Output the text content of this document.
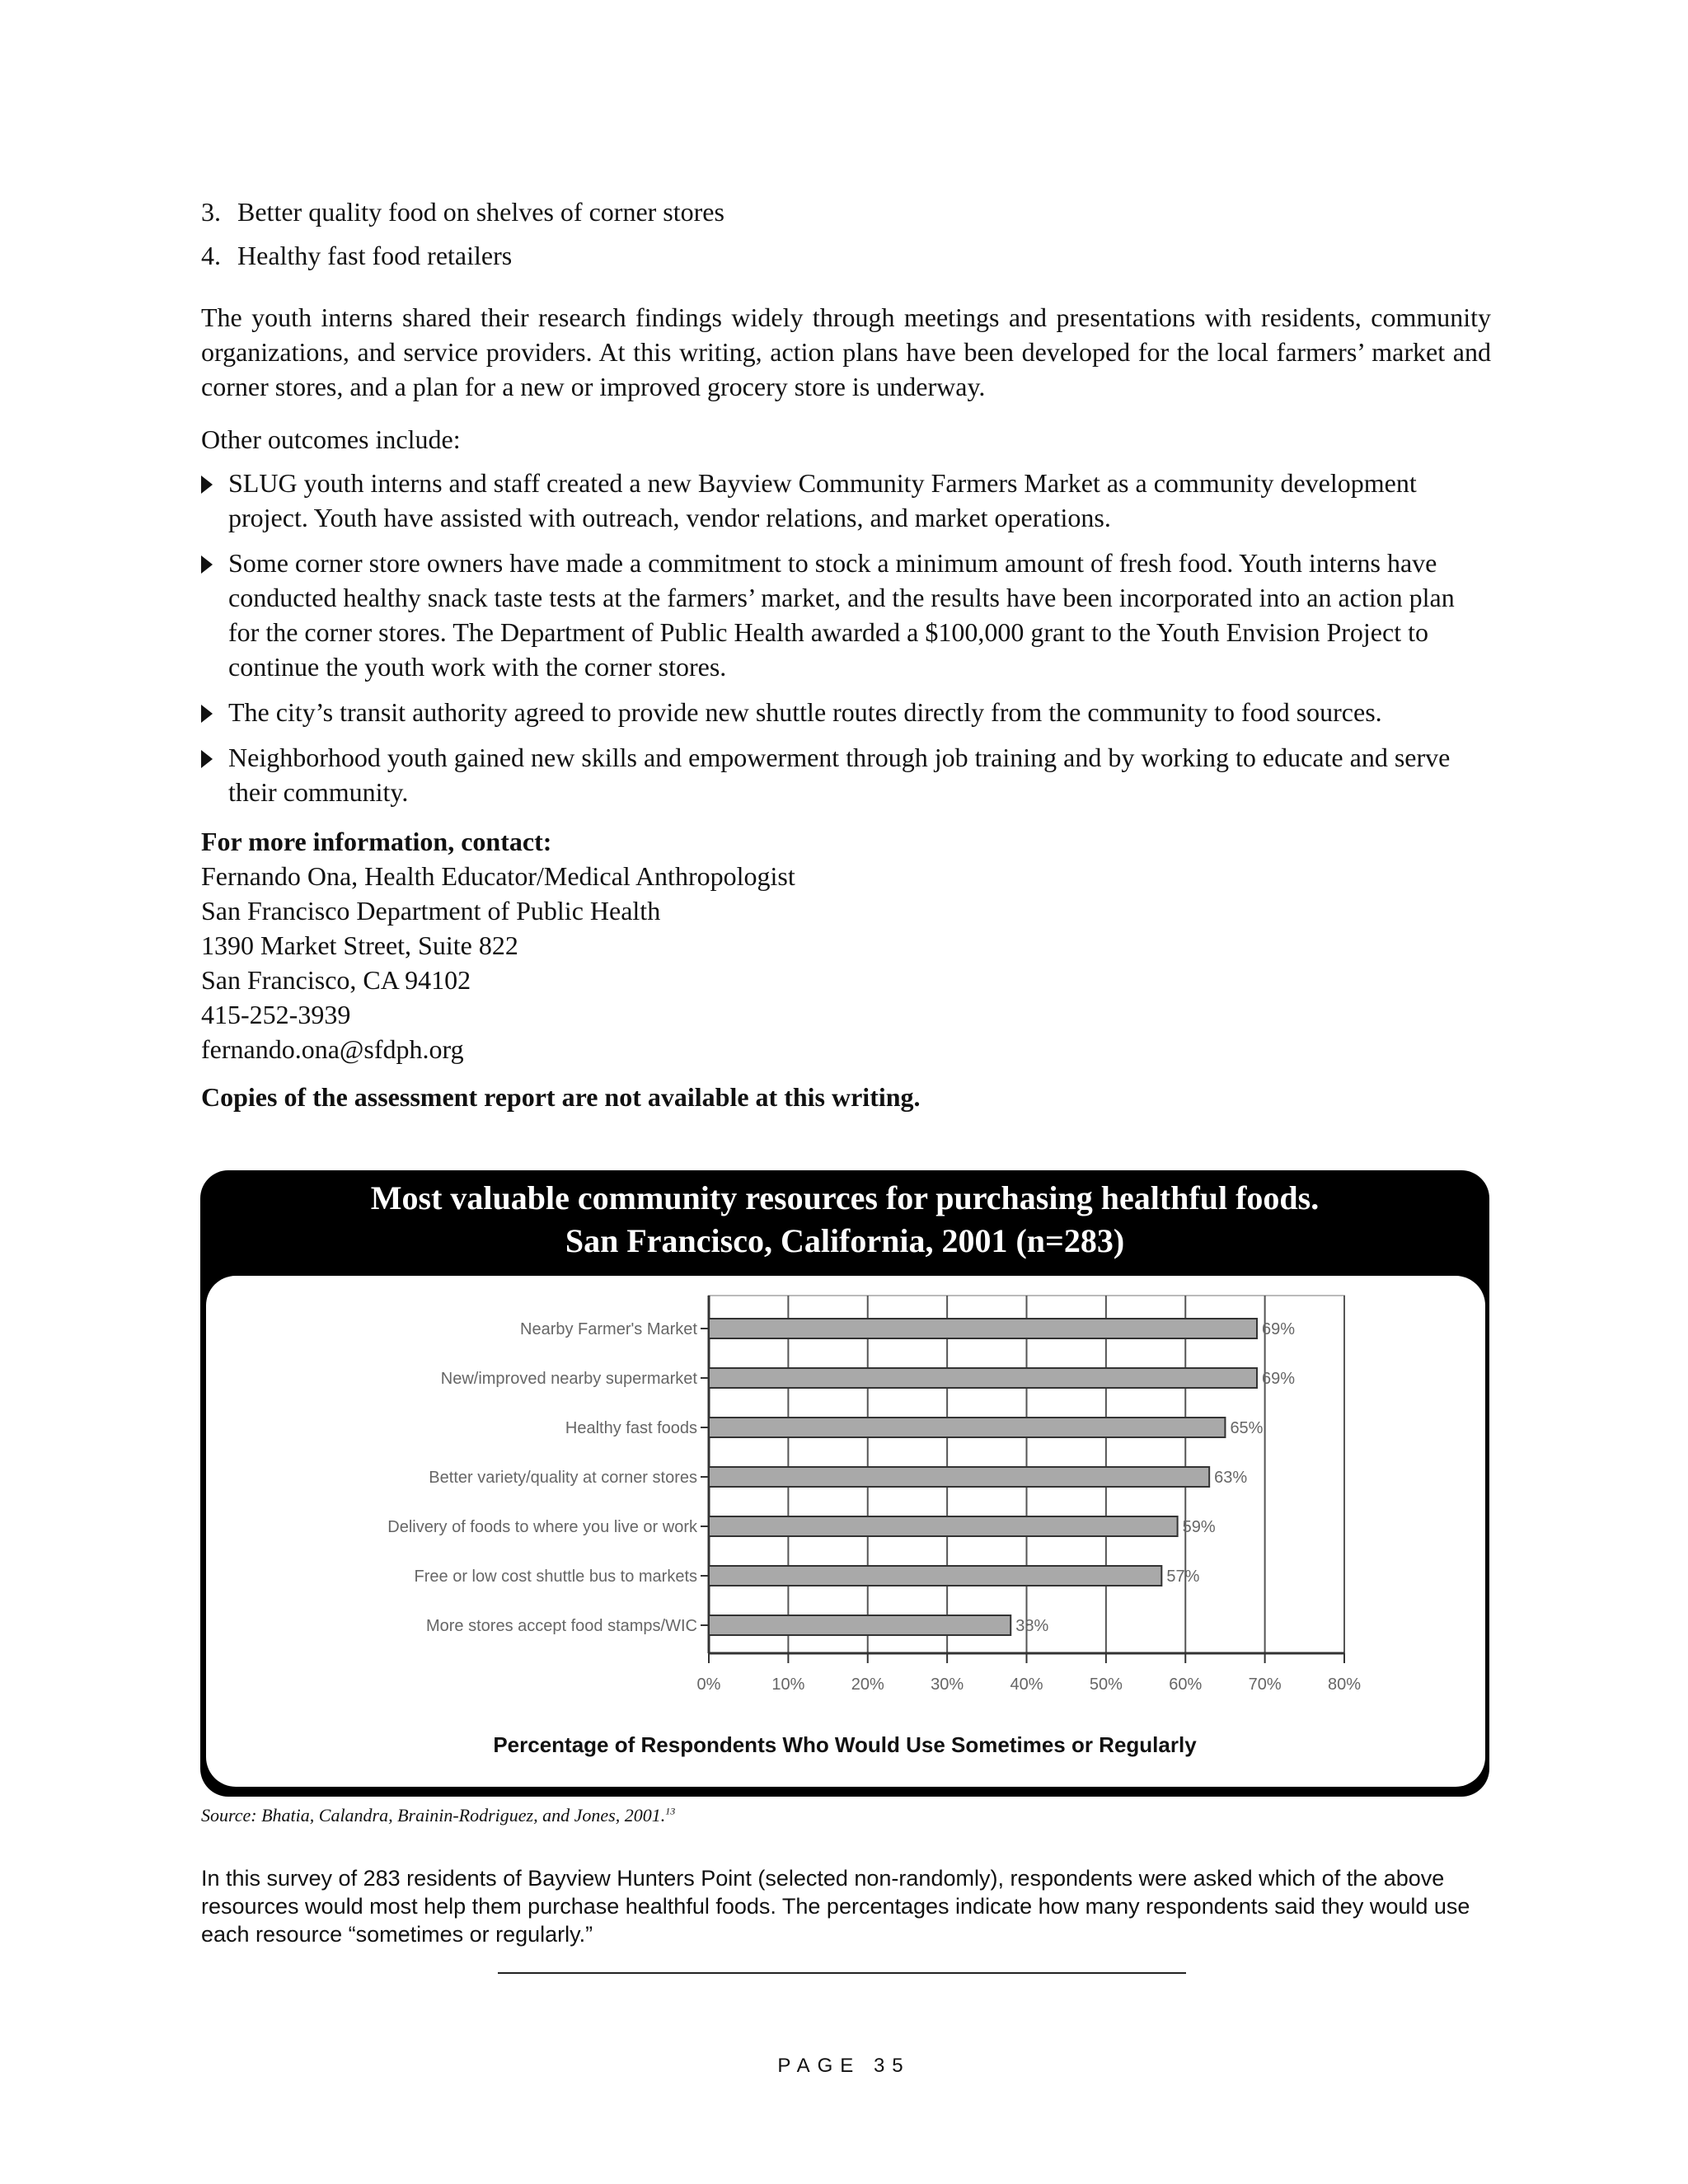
3. Better quality food on shelves of corner stores
4. Healthy fast food retailers

The youth interns shared their research findings widely through meetings and presentations with residents, community organizations, and service providers. At this writing, action plans have been developed for the local farmers’ market and corner stores, and a plan for a new or improved grocery store is underway.

Other outcomes include:

SLUG youth interns and staff created a new Bayview Community Farmers Market as a community development project. Youth have assisted with outreach, vendor relations, and market operations.
Some corner store owners have made a commitment to stock a minimum amount of fresh food. Youth interns have conducted healthy snack taste tests at the farmers’ market, and the results have been incorporated into an action plan for the corner stores. The Department of Public Health awarded a $100,000 grant to the Youth Envision Project to continue the youth work with the corner stores.
The city’s transit authority agreed to provide new shuttle routes directly from the community to food sources.
Neighborhood youth gained new skills and empowerment through job training and by working to educate and serve their community.
For more information, contact:
Fernando Ona, Health Educator/Medical Anthropologist
San Francisco Department of Public Health
1390 Market Street, Suite 822
San Francisco, CA 94102
415-252-3939
fernando.ona@sfdph.org
Copies of the assessment report are not available at this writing.
Most valuable community resources for purchasing healthful foods.
San Francisco, California, 2001 (n=283)
0%	10%	20%	30%	40%	50%	60%	70%	80%
Nearby Farmer's Market	69%
New/improved nearby supermarket	69%
Healthy fast foods	65%
Better variety/quality at corner stores	63%
Delivery of foods to where you live or work	59%
Free or low cost shuttle bus to markets	57%
More stores accept food stamps/WIC	38%
Percentage of Respondents Who Would Use Sometimes or Regularly
Source: Bhatia, Calandra, Brainin-Rodriguez, and Jones, 2001.13
In this survey of 283 residents of Bayview Hunters Point (selected non-randomly), respondents were asked which of the above resources would most help them purchase healthful foods. The percentages indicate how many respondents said they would use each resource “sometimes or regularly.”
PAGE 35
